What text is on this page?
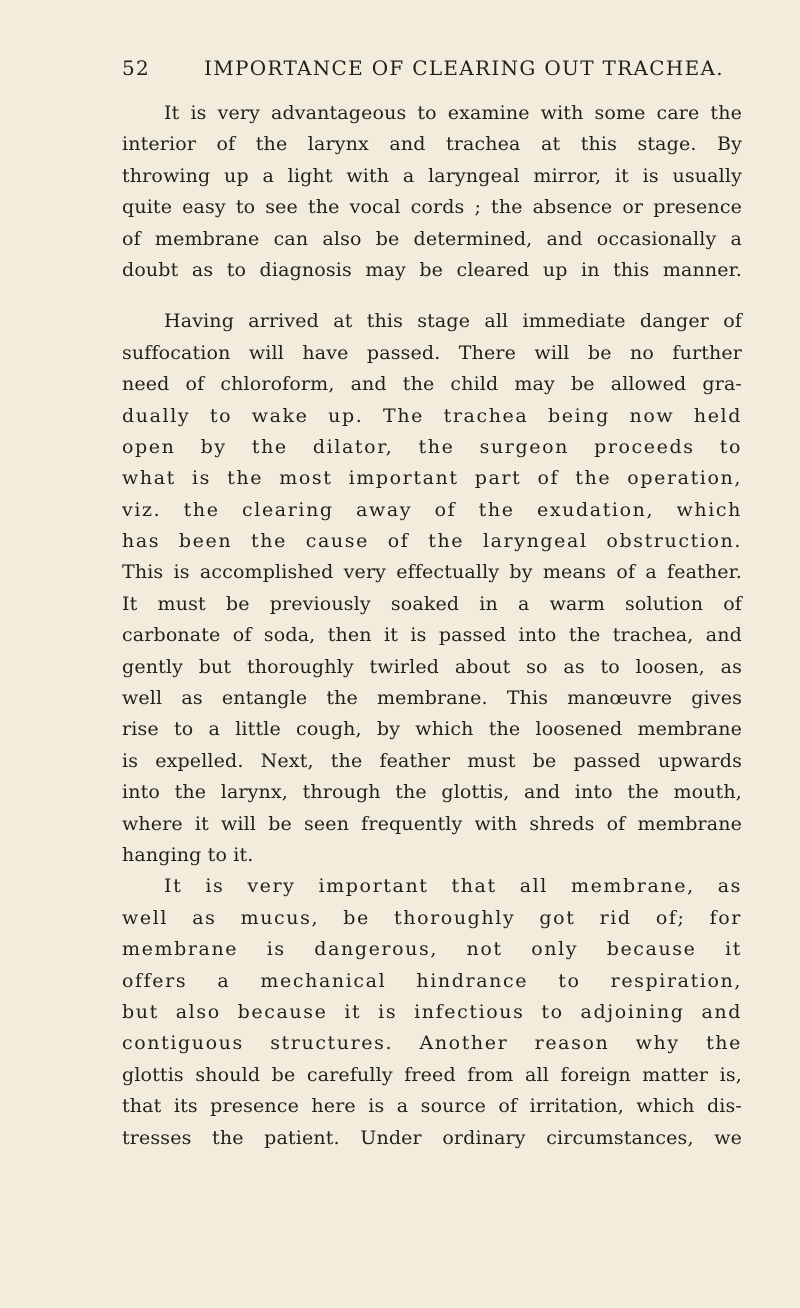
52	IMPORTANCE OF CLEARING OUT TRACHEA.
It is very advantageous to examine with some care the
interior of the larynx and trachea at this stage. By
throwing up a light with a laryngeal mirror, it is usually
quite easy to see the vocal cords ; the absence or presence
of membrane can also be determined, and occasionally a
doubt as to diagnosis may be cleared up in this manner.
Having arrived at this stage all immediate danger of
suffocation will have passed. There will be no further
need of chloroform, and the child may be allowed gra-
dually to wake up. The trachea being now held
open by the dilator, the surgeon proceeds to
what is the most important part of the operation,
viz. the clearing away of the exudation, which
has been the cause of the laryngeal obstruction.
This is accomplished very effectually by means of a feather.
It must be previously soaked in a warm solution of
carbonate of soda, then it is passed into the trachea, and
gently but thoroughly twirled about so as to loosen, as
well as entangle the membrane. This manœuvre gives
rise to a little cough, by which the loosened membrane
is expelled. Next, the feather must be passed upwards
into the larynx, through the glottis, and into the mouth,
where it will be seen frequently with shreds of membrane
hanging to it.
It is very important that all membrane, as
well as mucus, be thoroughly got rid of; for
membrane is dangerous, not only because it
offers a mechanical hindrance to respiration,
but also because it is infectious to adjoining and
contiguous structures. Another reason why the
glottis should be carefully freed from all foreign matter is,
that its presence here is a source of irritation, which dis-
tresses the patient. Under ordinary circumstances, we
